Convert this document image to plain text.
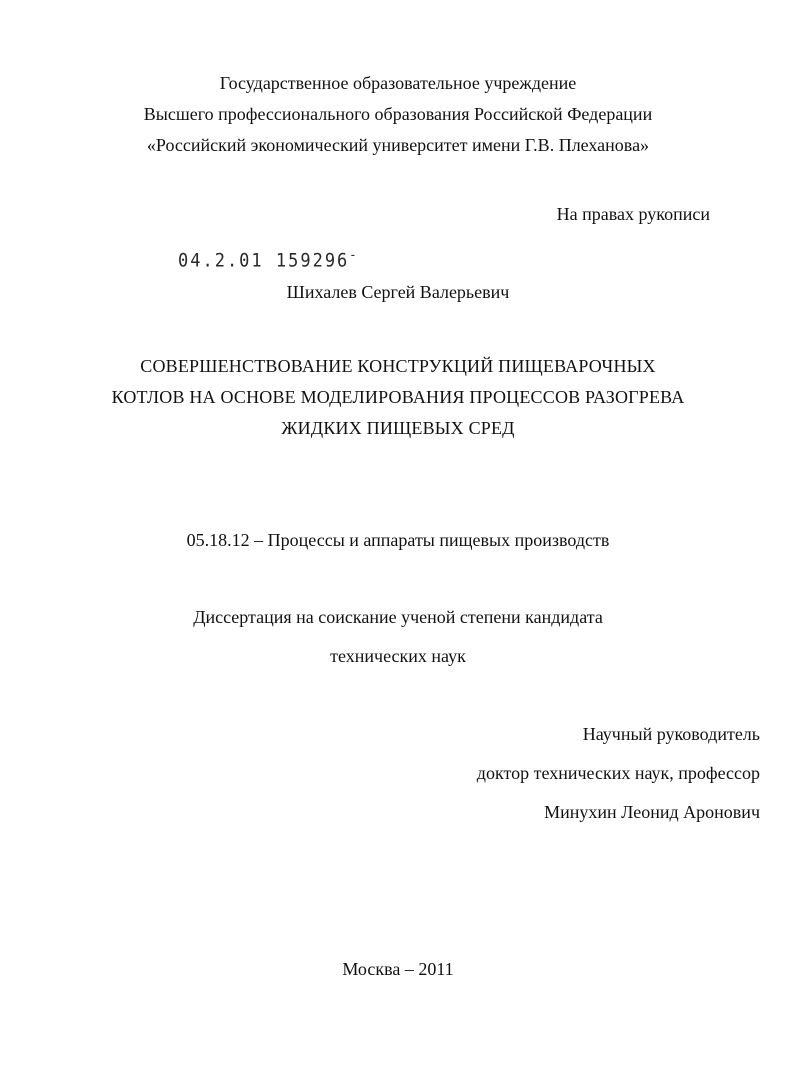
Государственное образовательное учреждение
Высшего профессионального образования Российской Федерации
«Российский экономический университет имени Г.В. Плеханова»
На правах рукописи
04.2.01 159296-
Шихалев Сергей Валерьевич
СОВЕРШЕНСТВОВАНИЕ КОНСТРУКЦИЙ ПИЩЕВАРОЧНЫХ
КОТЛОВ НА ОСНОВЕ МОДЕЛИРОВАНИЯ ПРОЦЕССОВ РАЗОГРЕВА
ЖИДКИХ ПИЩЕВЫХ СРЕД
05.18.12 – Процессы и аппараты пищевых производств
Диссертация на соискание ученой степени кандидата
технических наук
Научный руководитель
доктор технических наук, профессор
Минухин Леонид Аронович
Москва – 2011
